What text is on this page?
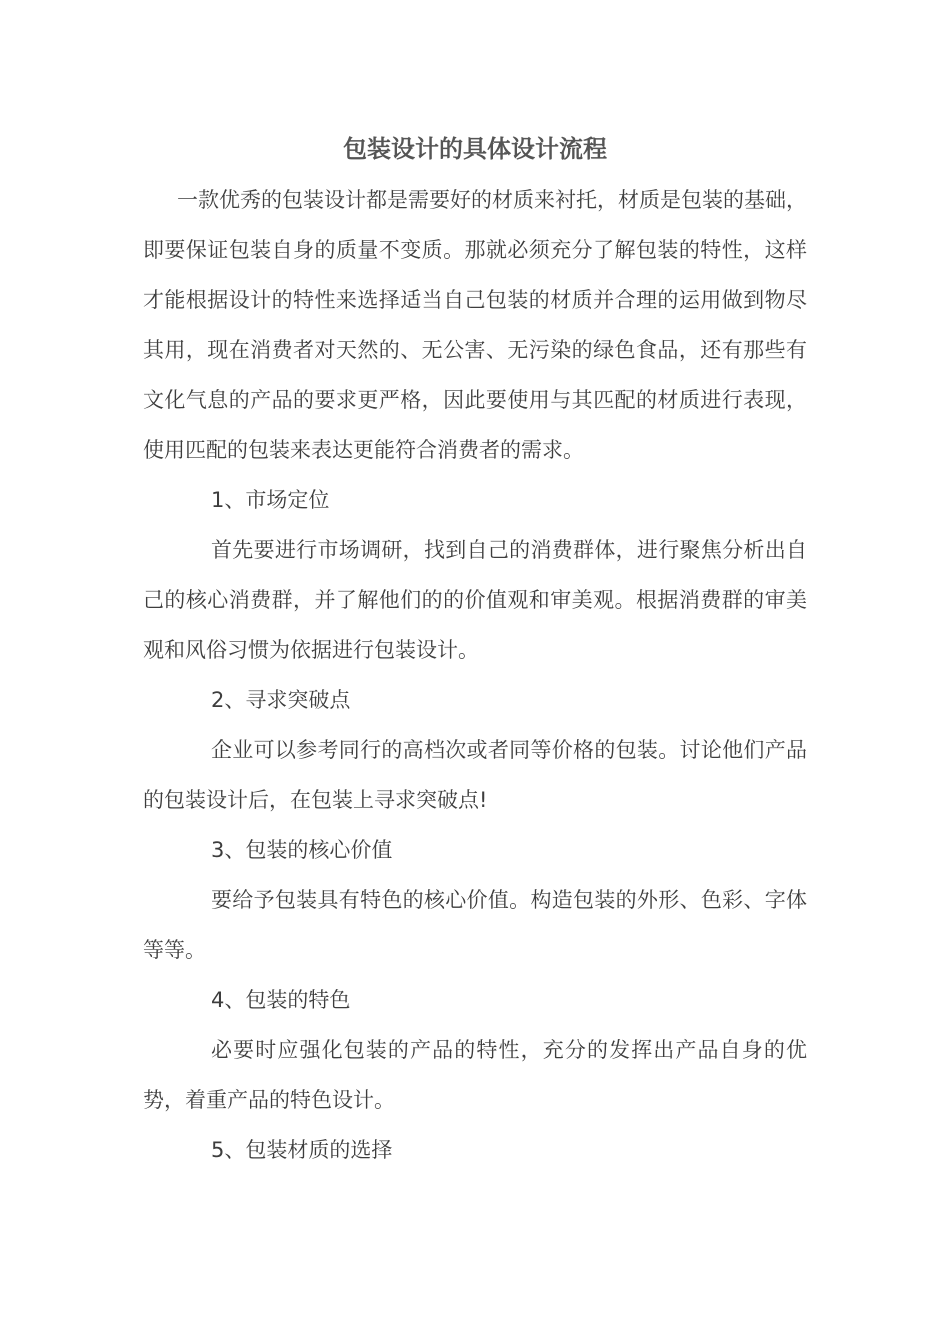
包装设计的具体设计流程

一款优秀的包装设计都是需要好的材质来衬托，材质是包装的基础，即要保证包装自身的质量不变质。那就必须充分了解包装的特性，这样才能根据设计的特性来选择适当自己包装的材质并合理的运用做到物尽其用，现在消费者对天然的、无公害、无污染的绿色食品，还有那些有文化气息的产品的要求更严格，因此要使用与其匹配的材质进行表现，使用匹配的包装来表达更能符合消费者的需求。

1、市场定位

首先要进行市场调研，找到自己的消费群体，进行聚焦分析出自己的核心消费群，并了解他们的的价值观和审美观。根据消费群的审美观和风俗习惯为依据进行包装设计。

2、寻求突破点

企业可以参考同行的高档次或者同等价格的包装。讨论他们产品的包装设计后，在包装上寻求突破点!

3、包装的核心价值

要给予包装具有特色的核心价值。构造包装的外形、色彩、字体等等。

4、包装的特色

必要时应强化包装的产品的特性，充分的发挥出产品自身的优势，着重产品的特色设计。

5、包装材质的选择
